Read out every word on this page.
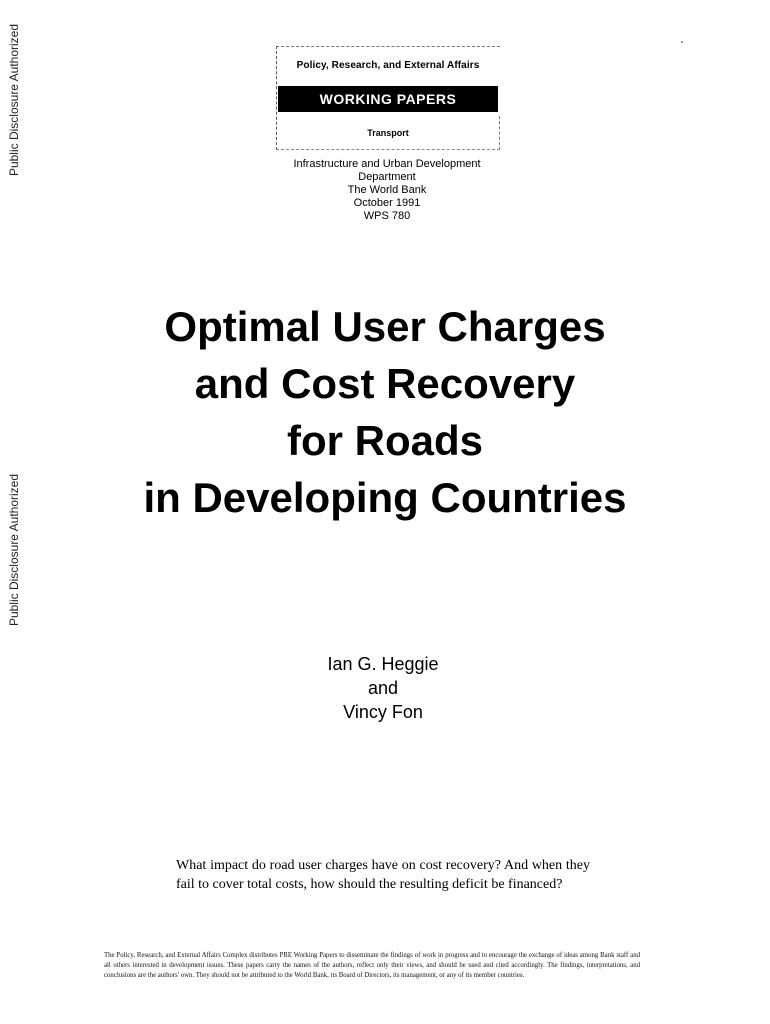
Public Disclosure Authorized
Public Disclosure Authorized
Policy, Research, and External Affairs
WORKING PAPERS
Transport
Infrastructure and Urban Development
Department
The World Bank
October 1991
WPS 780
Optimal User Charges
and Cost Recovery
for Roads
in Developing Countries
Ian G. Heggie
and
Vincy Fon
What impact do road user charges have on cost recovery? And when they fail to cover total costs, how should the resulting deficit be financed?
The Policy, Research, and External Affairs Complex distributes PRE Working Papers to disseminate the findings of work in progress and to encourage the exchange of ideas among Bank staff and all others interested in development issues. These papers carry the names of the authors, reflect only their views, and should be used and cited accordingly. The findings, interpretations, and conclusions are the authors' own. They should not be attributed to the World Bank, its Board of Directors, its management, or any of its member countries.
